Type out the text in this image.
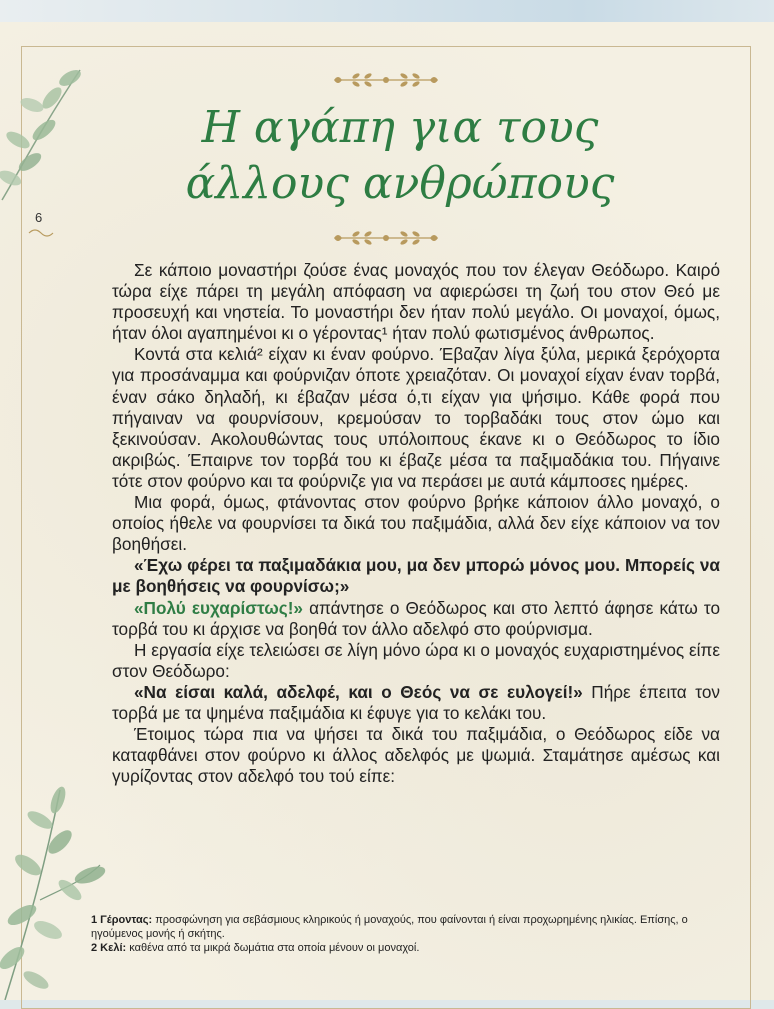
Η αγάπη για τους
άλλους ανθρώπους
6

Σε κάποιο μοναστήρι ζούσε ένας μοναχός που τον έλεγαν Θεόδωρο. Καιρό τώρα είχε πάρει τη μεγάλη απόφαση να αφιερώσει τη ζωή του στον Θεό με προσευχή και νηστεία. Το μοναστήρι δεν ήταν πολύ μεγάλο. Οι μοναχοί, όμως, ήταν όλοι αγαπημένοι κι ο γέροντας¹ ήταν πολύ φωτισμένος άνθρωπος.

Κοντά στα κελιά² είχαν κι έναν φούρνο. Έβαζαν λίγα ξύλα, μερικά ξερόχορτα για προσάναμμα και φούρνιζαν όποτε χρειαζόταν. Οι μοναχοί είχαν έναν τορβά, έναν σάκο δηλαδή, κι έβαζαν μέσα ό,τι είχαν για ψήσιμο. Κάθε φορά που πήγαιναν να φουρνίσουν, κρεμούσαν το τορβαδάκι τους στον ώμο και ξεκινούσαν. Ακολουθώντας τους υπόλοιπους έκανε κι ο Θεόδωρος το ίδιο ακριβώς. Έπαιρνε τον τορβά του κι έβαζε μέσα τα παξιμαδάκια του. Πήγαινε τότε στον φούρνο και τα φούρνιζε για να περάσει με αυτά κάμποσες ημέρες.

Μια φορά, όμως, φτάνοντας στον φούρνο βρήκε κάποιον άλλο μοναχό, ο οποίος ήθελε να φουρνίσει τα δικά του παξιμάδια, αλλά δεν είχε κάποιον να τον βοηθήσει.

«Έχω φέρει τα παξιμαδάκια μου, μα δεν μπορώ μόνος μου. Μπορείς να με βοηθήσεις να φουρνίσω;»

«Πολύ ευχαρίστως!» απάντησε ο Θεόδωρος και στο λεπτό άφησε κάτω το τορβά του κι άρχισε να βοηθά τον άλλο αδελφό στο φούρνισμα.

Η εργασία είχε τελειώσει σε λίγη μόνο ώρα κι ο μοναχός ευχαριστημένος είπε στον Θεόδωρο:

«Να είσαι καλά, αδελφέ, και ο Θεός να σε ευλογεί!» Πήρε έπειτα τον τορβά με τα ψημένα παξιμάδια κι έφυγε για το κελάκι του.

Έτοιμος τώρα πια να ψήσει τα δικά του παξιμάδια, ο Θεόδωρος είδε να καταφθάνει στον φούρνο κι άλλος αδελφός με ψωμιά. Σταμάτησε αμέσως και γυρίζοντας στον αδελφό του τού είπε:

1 Γέροντας: προσφώνηση για σεβάσμιους κληρικούς ή μοναχούς, που φαίνονται ή είναι προχωρημένης ηλικίας. Επίσης, ο ηγούμενος μονής ή σκήτης.

2 Κελί: καθένα από τα μικρά δωμάτια στα οποία μένουν οι μοναχοί.
